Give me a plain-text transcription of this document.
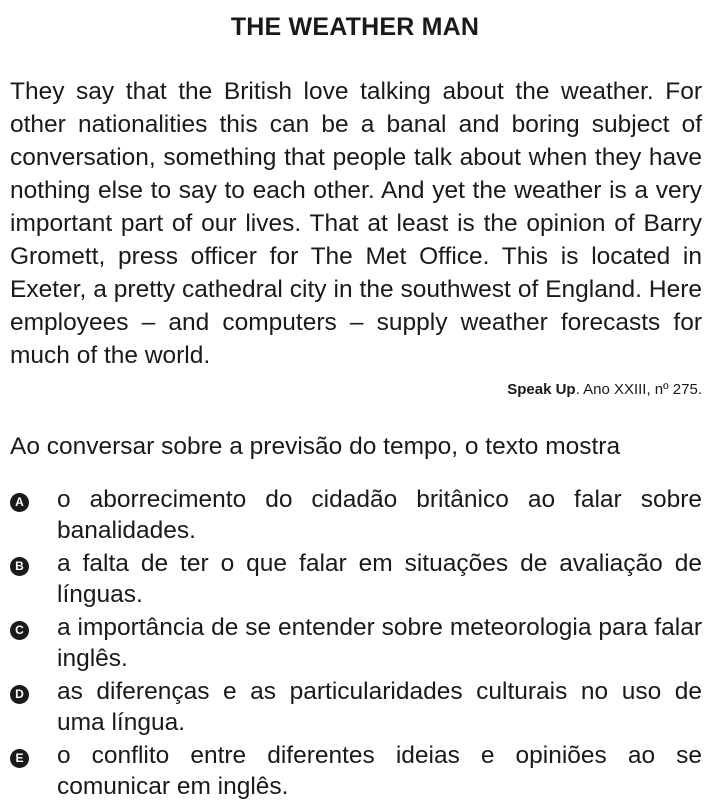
THE WEATHER MAN

They say that the British love talking about the weather. For other nationalities this can be a banal and boring subject of conversation, something that people talk about when they have nothing else to say to each other. And yet the weather is a very important part of our lives. That at least is the opinion of Barry Gromett, press officer for The Met Office. This is located in Exeter, a pretty cathedral city in the southwest of England. Here employees – and computers – supply weather forecasts for much of the world.

Speak Up. Ano XXIII, nº 275.
Ao conversar sobre a previsão do tempo, o texto mostra
A o aborrecimento do cidadão britânico ao falar sobre banalidades.
B a falta de ter o que falar em situações de avaliação de línguas.
C a importância de se entender sobre meteorologia para falar inglês.
D as diferenças e as particularidades culturais no uso de uma língua.
E o conflito entre diferentes ideias e opiniões ao se comunicar em inglês.
